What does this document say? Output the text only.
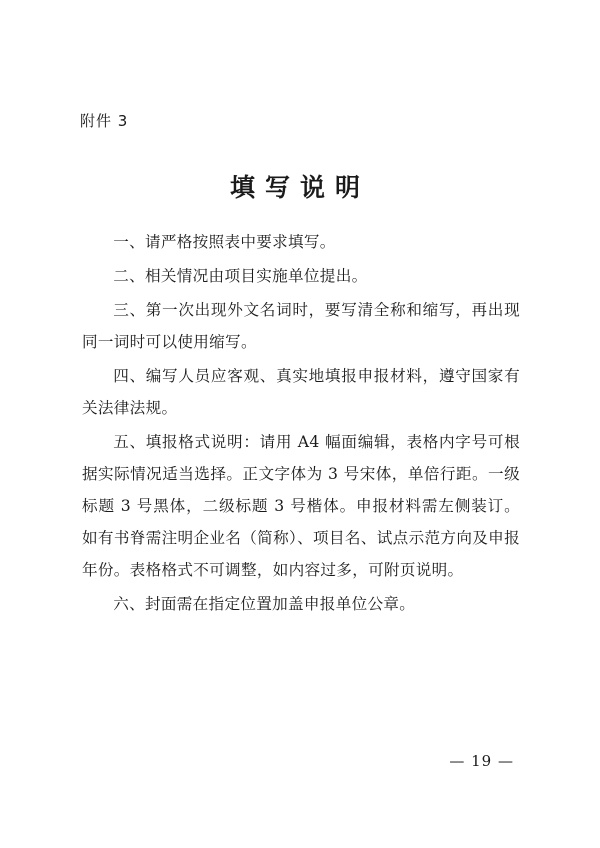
附件 3

填写说明

一、请严格按照表中要求填写。

二、相关情况由项目实施单位提出。

三、第一次出现外文名词时，要写清全称和缩写，再出现同一词时可以使用缩写。

四、编写人员应客观、真实地填报申报材料，遵守国家有关法律法规。

五、填报格式说明：请用 A4 幅面编辑，表格内字号可根据实际情况适当选择。正文字体为 3 号宋体，单倍行距。一级标题 3 号黑体，二级标题 3 号楷体。申报材料需左侧装订。如有书脊需注明企业名（简称）、项目名、试点示范方向及申报年份。表格格式不可调整，如内容过多，可附页说明。

六、封面需在指定位置加盖申报单位公章。

— 19 —
